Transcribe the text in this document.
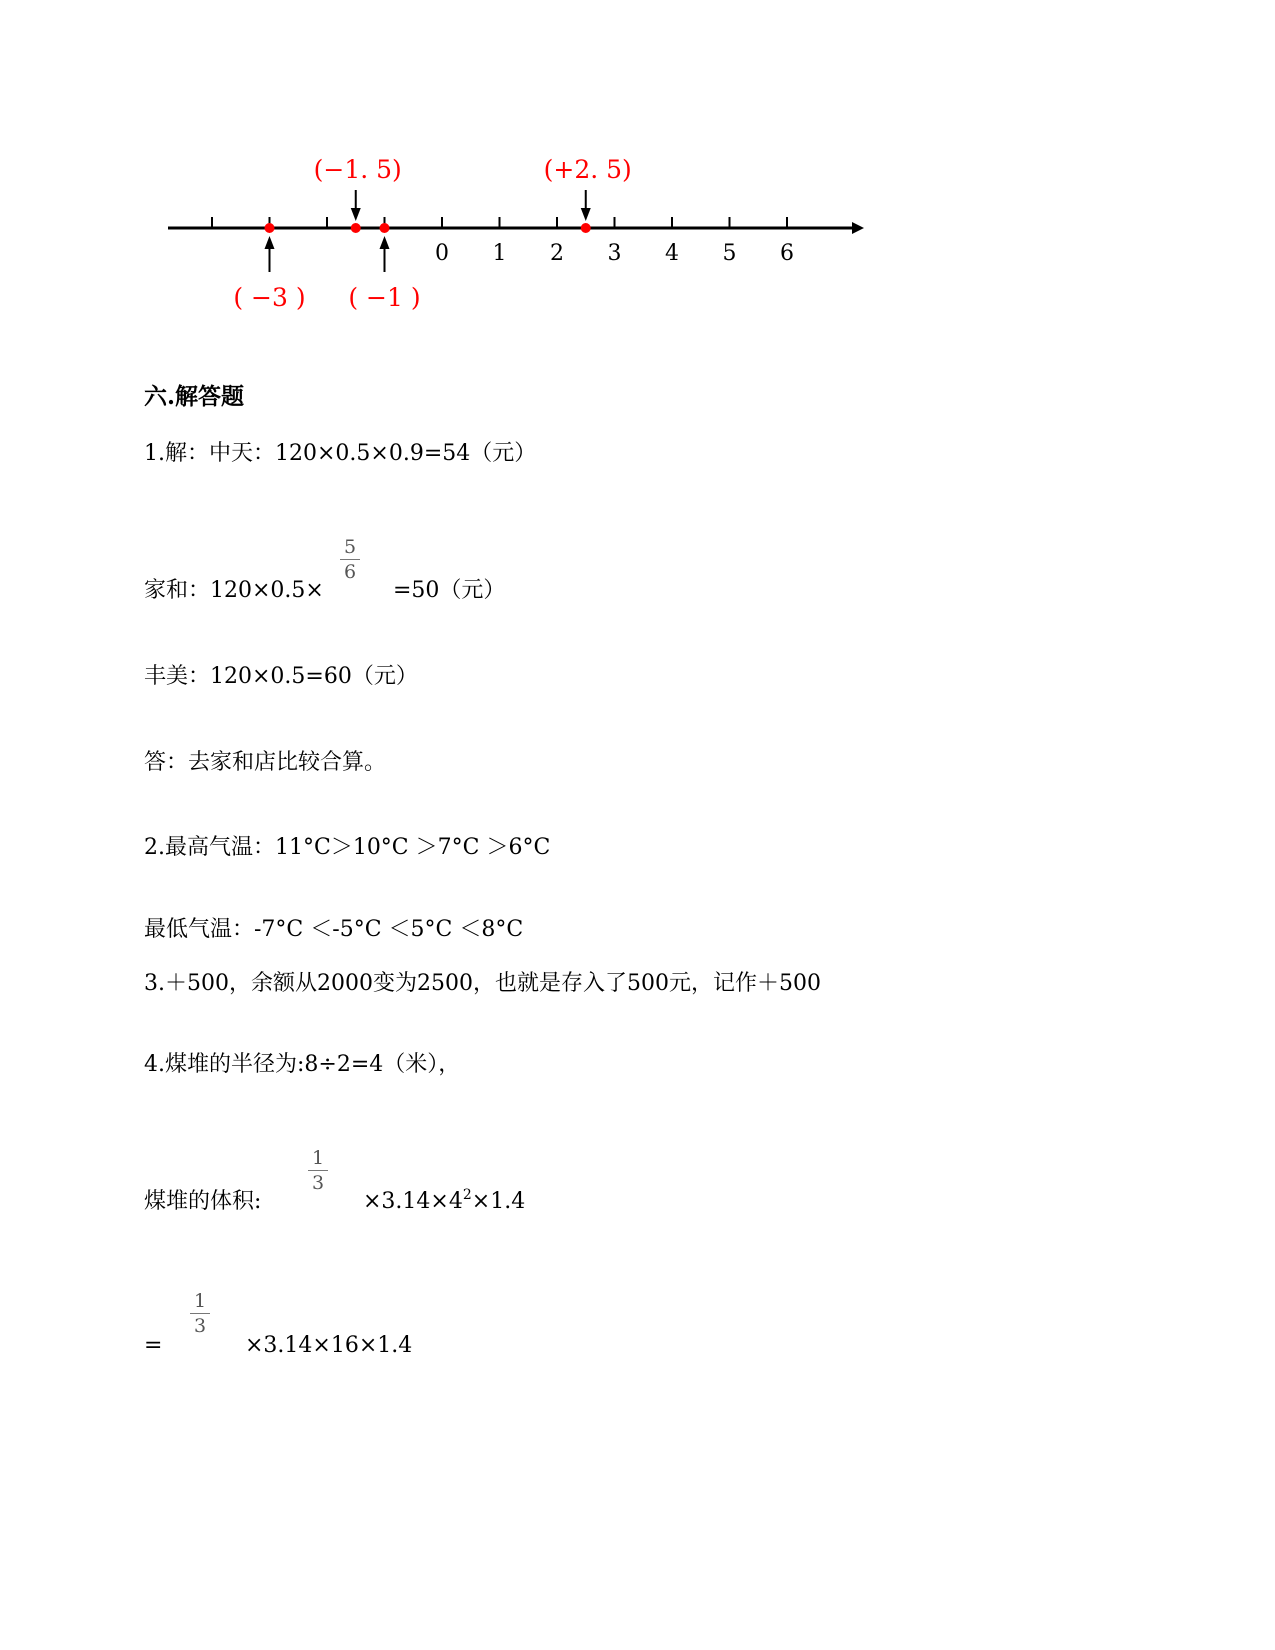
0 1 2 3 4 5 6
( −3 )
(−1. 5)
( −1 )
(+2. 5)
六.解答题
1.解：中天：120×0.5×0.9=54（元）
家和：120×0.5×
5
6
=50（元）
丰美：120×0.5=60（元）
答：去家和店比较合算。
2.最高气温：11°C＞10°C ＞7°C ＞6°C
最低气温：-7°C ＜-5°C ＜5°C ＜8°C
3.＋500，余额从2000变为2500，也就是存入了500元，记作＋500
4.煤堆的半径为:8÷2=4（米），
煤堆的体积:
1
3
$\times 3.14\times 4^2\times 1.4$
=
1
3
×3.14×16×1.4
